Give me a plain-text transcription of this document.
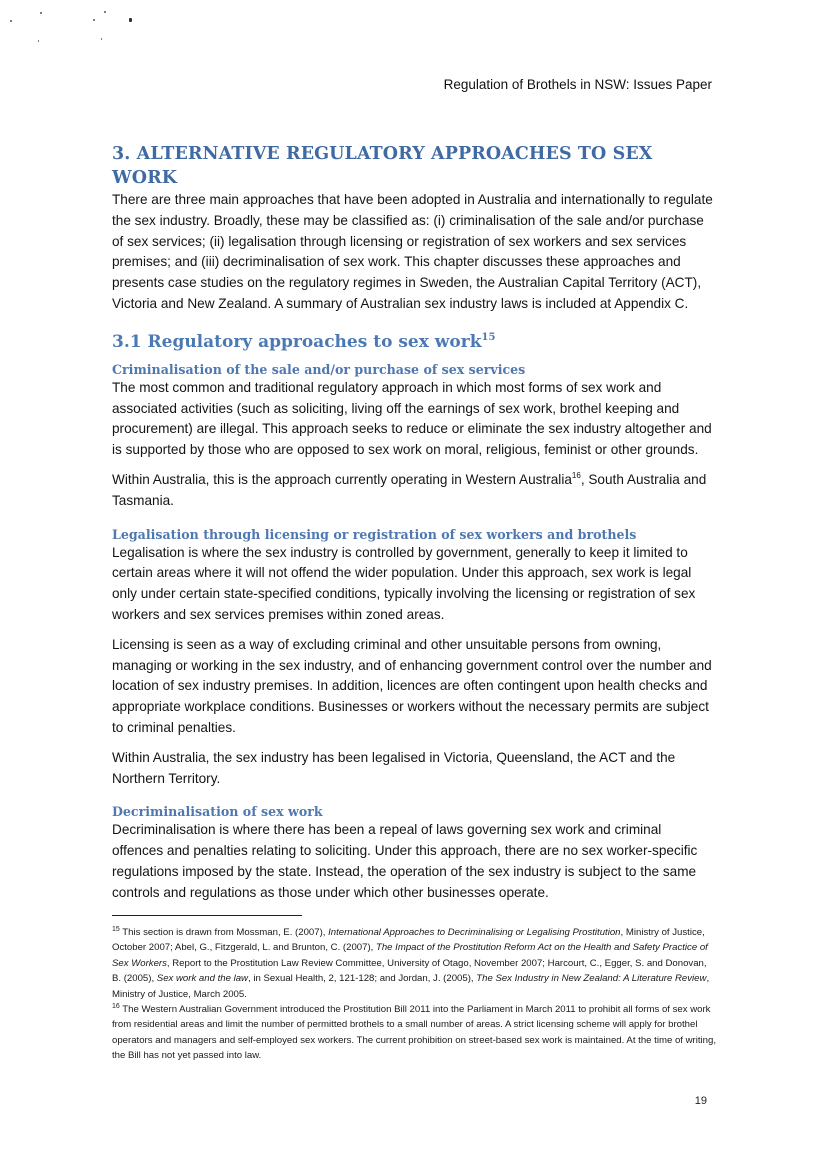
Regulation of Brothels in NSW: Issues Paper
3. ALTERNATIVE REGULATORY APPROACHES TO SEX WORK

There are three main approaches that have been adopted in Australia and internationally to regulate the sex industry. Broadly, these may be classified as: (i) criminalisation of the sale and/or purchase of sex services; (ii) legalisation through licensing or registration of sex workers and sex services premises; and (iii) decriminalisation of sex work. This chapter discusses these approaches and presents case studies on the regulatory regimes in Sweden, the Australian Capital Territory (ACT), Victoria and New Zealand. A summary of Australian sex industry laws is included at Appendix C.

3.1 Regulatory approaches to sex work$^{15}$
Criminalisation of the sale and/or purchase of sex services

The most common and traditional regulatory approach in which most forms of sex work and associated activities (such as soliciting, living off the earnings of sex work, brothel keeping and procurement) are illegal. This approach seeks to reduce or eliminate the sex industry altogether and is supported by those who are opposed to sex work on moral, religious, feminist or other grounds.

Within Australia, this is the approach currently operating in Western Australia$^{16}$, South Australia and Tasmania.

Legalisation through licensing or registration of sex workers and brothels

Legalisation is where the sex industry is controlled by government, generally to keep it limited to certain areas where it will not offend the wider population. Under this approach, sex work is legal only under certain state-specified conditions, typically involving the licensing or registration of sex workers and sex services premises within zoned areas.

Licensing is seen as a way of excluding criminal and other unsuitable persons from owning, managing or working in the sex industry, and of enhancing government control over the number and location of sex industry premises. In addition, licences are often contingent upon health checks and appropriate workplace conditions. Businesses or workers without the necessary permits are subject to criminal penalties.

Within Australia, the sex industry has been legalised in Victoria, Queensland, the ACT and the Northern Territory.

Decriminalisation of sex work

Decriminalisation is where there has been a repeal of laws governing sex work and criminal offences and penalties relating to soliciting. Under this approach, there are no sex worker-specific regulations imposed by the state. Instead, the operation of the sex industry is subject to the same controls and regulations as those under which other businesses operate.

$^{15}$ This section is drawn from Mossman, E. (2007), International Approaches to Decriminalising or Legalising Prostitution, Ministry of Justice, October 2007; Abel, G., Fitzgerald, L. and Brunton, C. (2007), The Impact of the Prostitution Reform Act on the Health and Safety Practice of Sex Workers, Report to the Prostitution Law Review Committee, University of Otago, November 2007; Harcourt, C., Egger, S. and Donovan, B. (2005), Sex work and the law, in Sexual Health, 2, 121-128; and Jordan, J. (2005), The Sex Industry in New Zealand: A Literature Review, Ministry of Justice, March 2005.

$^{16}$ The Western Australian Government introduced the Prostitution Bill 2011 into the Parliament in March 2011 to prohibit all forms of sex work from residential areas and limit the number of permitted brothels to a small number of areas. A strict licensing scheme will apply for brothel operators and managers and self-employed sex workers. The current prohibition on street-based sex work is maintained. At the time of writing, the Bill has not yet passed into law.

19
